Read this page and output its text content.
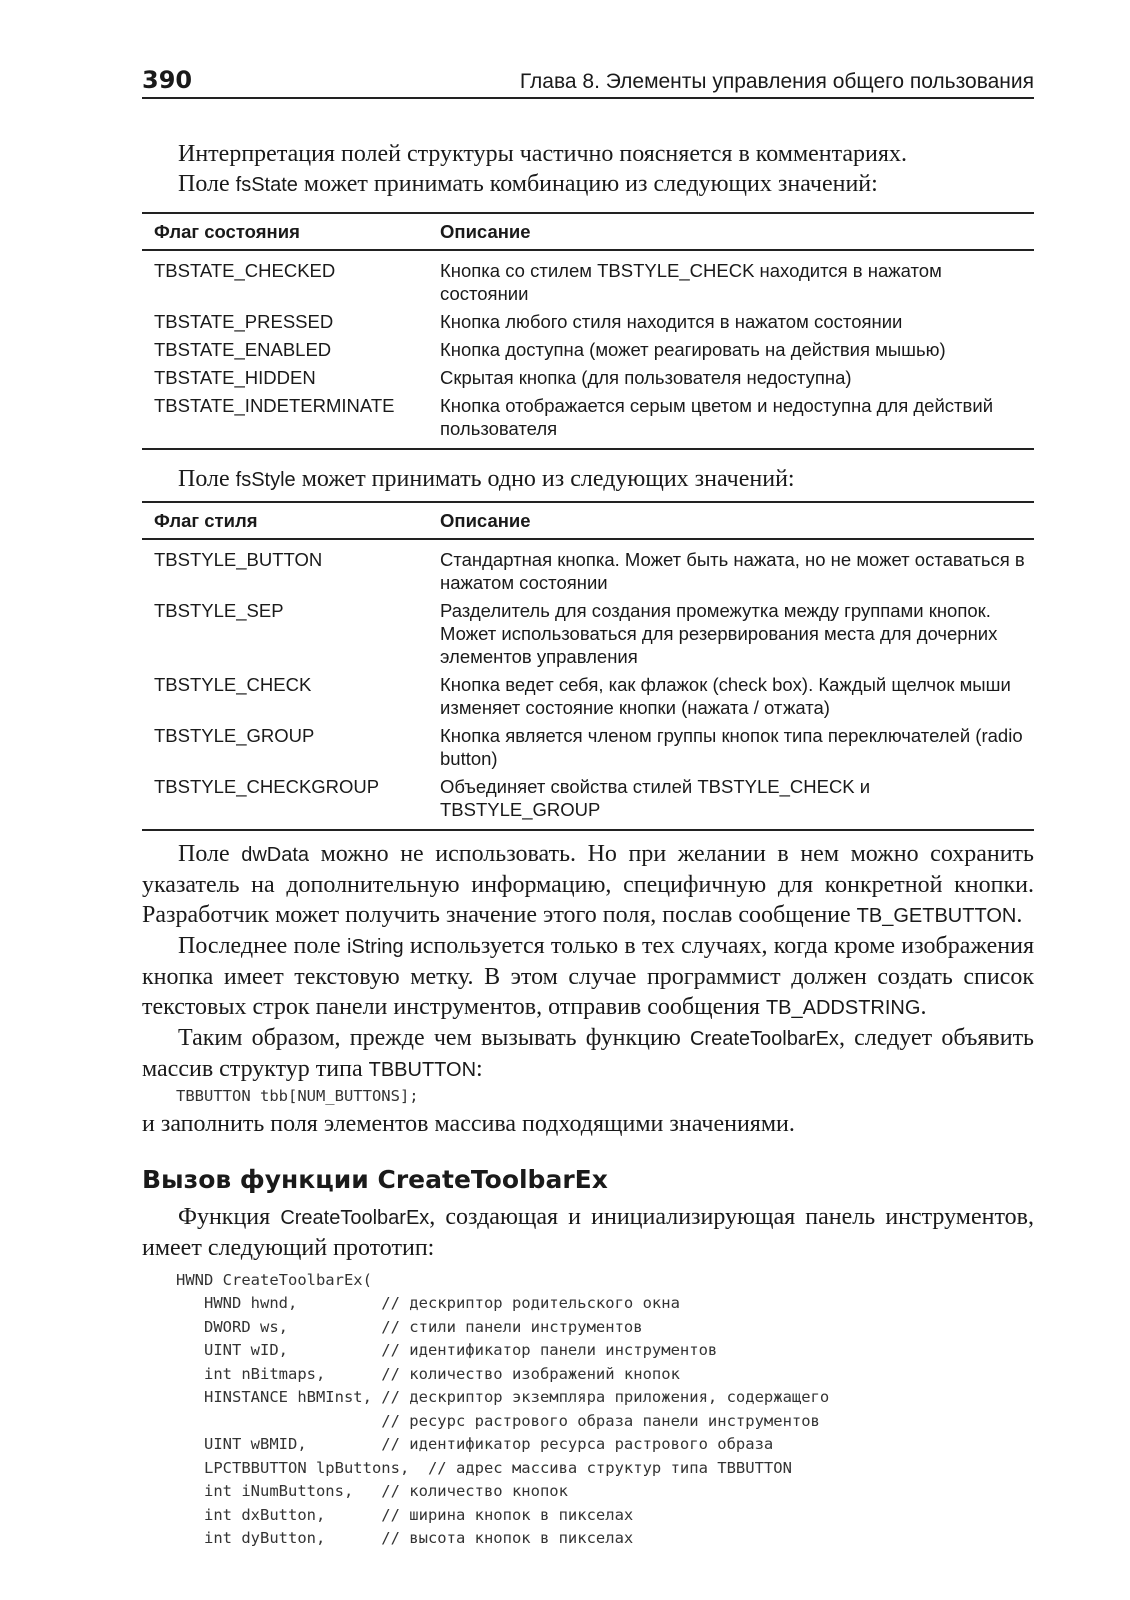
390	Глава 8. Элементы управления общего пользования

Интерпретация полей структуры частично поясняется в комментариях.

Поле fsState может принимать комбинацию из следующих значений:

Флаг состояния	Описание
TBSTATE_CHECKED	Кнопка со стилем TBSTYLE_CHECK находится в нажатом состоянии
TBSTATE_PRESSED	Кнопка любого стиля находится в нажатом состоянии
TBSTATE_ENABLED	Кнопка доступна (может реагировать на действия мышью)
TBSTATE_HIDDEN	Скрытая кнопка (для пользователя недоступна)
TBSTATE_INDETERMINATE	Кнопка отображается серым цветом и недоступна для действий пользователя

Поле fsStyle может принимать одно из следующих значений:

Флаг стиля	Описание
TBSTYLE_BUTTON	Стандартная кнопка. Может быть нажата, но не может оставаться в нажатом состоянии
TBSTYLE_SEP	Разделитель для создания промежутка между группами кнопок. Может использоваться для резервирования места для дочерних элементов управления
TBSTYLE_CHECK	Кнопка ведет себя, как флажок (check box). Каждый щелчок мыши изменяет состояние кнопки (нажата / отжата)
TBSTYLE_GROUP	Кнопка является членом группы кнопок типа переключателей (radio button)
TBSTYLE_CHECKGROUP	Объединяет свойства стилей TBSTYLE_CHECK и TBSTYLE_GROUP

Поле dwData можно не использовать. Но при желании в нем можно сохранить указатель на дополнительную информацию, специфичную для конкретной кнопки. Разработчик может получить значение этого поля, послав сообщение TB_GETBUTTON.

Последнее поле iString используется только в тех случаях, когда кроме изображения кнопка имеет текстовую метку. В этом случае программист должен создать список текстовых строк панели инструментов, отправив сообщения TB_ADDSTRING.

Таким образом, прежде чем вызывать функцию CreateToolbarEx, следует объявить массив структур типа TBBUTTON:

TBBUTTON tbb[NUM_BUTTONS];

и заполнить поля элементов массива подходящими значениями.

Вызов функции CreateToolbarEx

Функция CreateToolbarEx, создающая и инициализирующая панель инструментов, имеет следующий прототип:

HWND CreateToolbarEx(
HWND hwnd,         // дескриптор родительского окна
DWORD ws,          // стили панели инструментов
UINT wID,          // идентификатор панели инструментов
int nBitmaps,      // количество изображений кнопок
HINSTANCE hBMInst, // дескриптор экземпляра приложения, содержащего
// ресурс растрового образа панели инструментов
UINT wBMID,        // идентификатор ресурса растрового образа
LPCTBBUTTON lpButtons,  // адрес массива структур типа TBBUTTON
int iNumButtons,   // количество кнопок
int dxButton,      // ширина кнопок в пикселах
int dyButton,      // высота кнопок в пикселах
